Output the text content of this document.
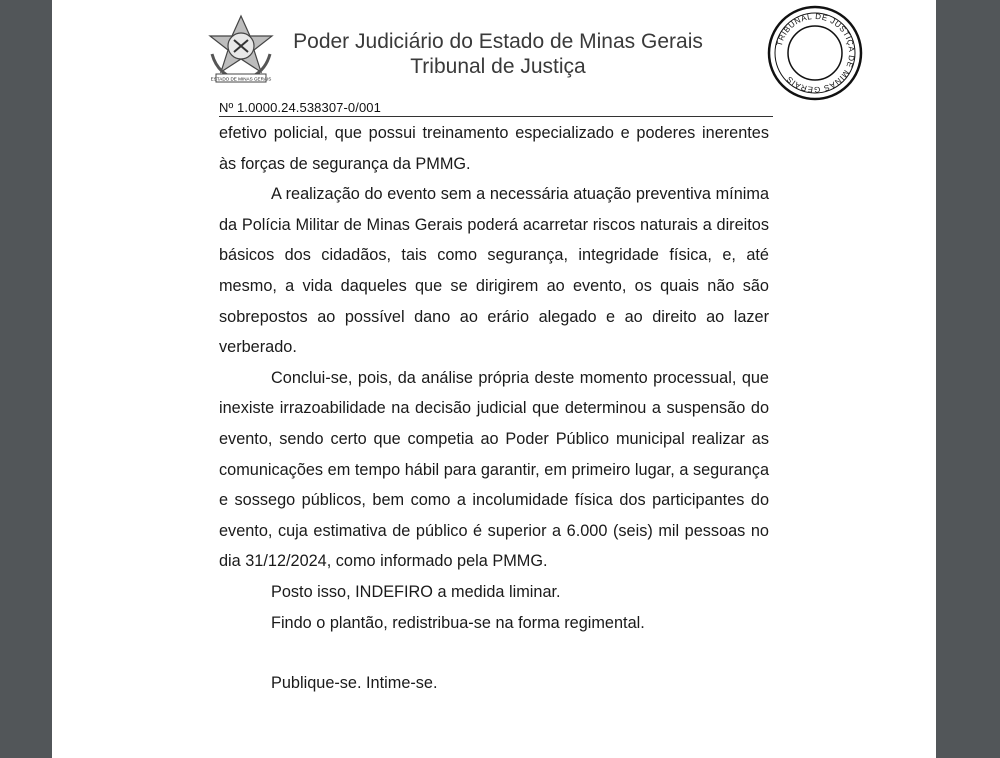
ESTADO DE MINAS GERAIS
Poder Judiciário do Estado de Minas Gerais
Tribunal de Justiça
TRIBUNAL DE JUSTIÇA DE MINAS GERAIS
Nº 1.0000.24.538307-0/001

efetivo policial, que possui treinamento especializado e poderes inerentes às forças de segurança da PMMG.

A realização do evento sem a necessária atuação preventiva mínima da Polícia Militar de Minas Gerais poderá acarretar riscos naturais a direitos básicos dos cidadãos, tais como segurança, integridade física, e, até mesmo, a vida daqueles que se dirigirem ao evento, os quais não são sobrepostos ao possível dano ao erário alegado e ao direito ao lazer verberado.

Conclui-se, pois, da análise própria deste momento processual, que inexiste irrazoabilidade na decisão judicial que determinou a suspensão do evento, sendo certo que competia ao Poder Público municipal realizar as comunicações em tempo hábil para garantir, em primeiro lugar, a segurança e sossego públicos, bem como a incolumidade física dos participantes do evento, cuja estimativa de público é superior a 6.000 (seis) mil pessoas no dia 31/12/2024, como informado pela PMMG.

Posto isso, INDEFIRO a medida liminar.

Findo o plantão, redistribua-se na forma regimental.

Publique-se. Intime-se.
